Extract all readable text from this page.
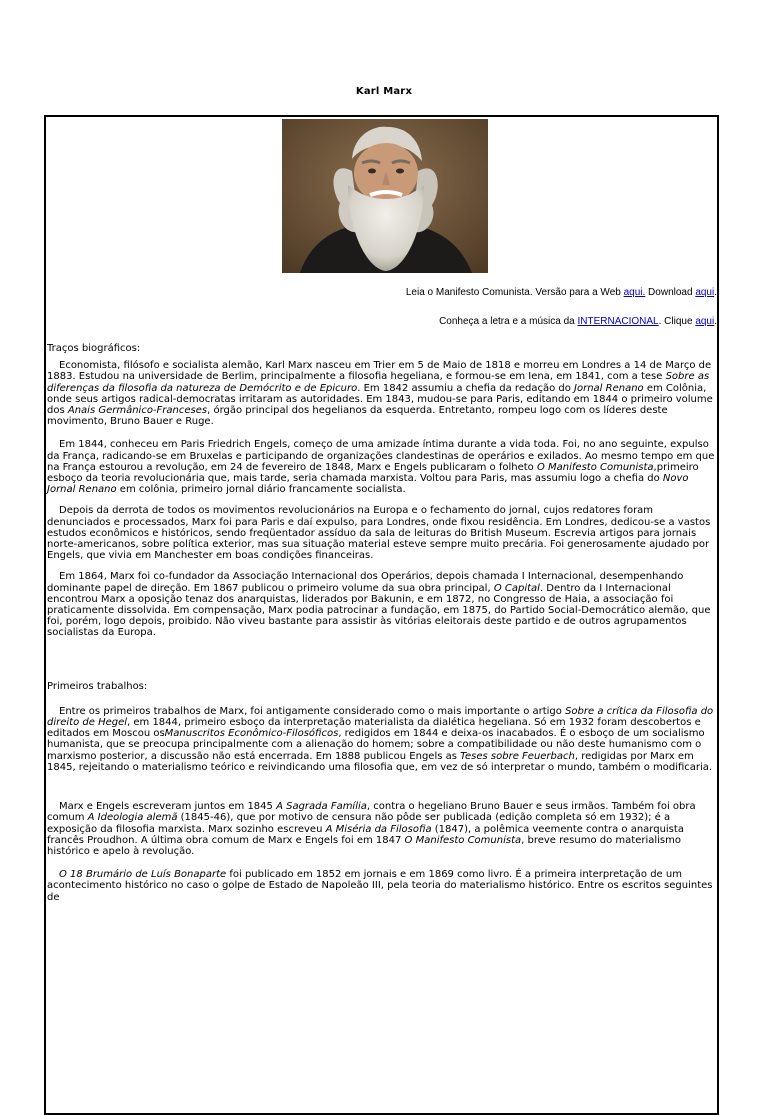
Karl Marx
Leia o Manifesto Comunista. Versão para a Web aqui. Download aqui.
Conheça a letra e a música da INTERNACIONAL. Clique aqui.

Traços biográficos:

Economista, filósofo e socialista alemão, Karl Marx nasceu em Trier em 5 de Maio de 1818 e morreu em Londres a 14 de Março de 1883. Estudou na universidade de Berlim, principalmente a filosofia hegeliana, e formou-se em Iena, em 1841, com a tese Sobre as diferenças da filosofia da natureza de Demócrito e de Epicuro. Em 1842 assumiu a chefia da redação do Jornal Renano em Colônia, onde seus artigos radical-democratas irritaram as autoridades. Em 1843, mudou-se para Paris, editando em 1844 o primeiro volume dos Anais Germânico-Franceses, órgão principal dos hegelianos da esquerda. Entretanto, rompeu logo com os líderes deste movimento, Bruno Bauer e Ruge.

Em 1844, conheceu em Paris Friedrich Engels, começo de uma amizade íntima durante a vida toda. Foi, no ano seguinte, expulso da França, radicando-se em Bruxelas e participando de organizações clandestinas de operários e exilados. Ao mesmo tempo em que na França estourou a revolução, em 24 de fevereiro de 1848, Marx e Engels publicaram o folheto O Manifesto Comunista,primeiro esboço da teoria revolucionária que, mais tarde, seria chamada marxista. Voltou para Paris, mas assumiu logo a chefia do Novo Jornal Renano em colônia, primeiro jornal diário francamente socialista.

Depois da derrota de todos os movimentos revolucionários na Europa e o fechamento do jornal, cujos redatores foram denunciados e processados, Marx foi para Paris e daí expulso, para Londres, onde fixou residência. Em Londres, dedicou-se a vastos estudos econômicos e históricos, sendo freqüentador assíduo da sala de leituras do British Museum. Escrevia artigos para jornais norte-americanos, sobre política exterior, mas sua situação material esteve sempre muito precária. Foi generosamente ajudado por Engels, que vivia em Manchester em boas condições financeiras.

Em 1864, Marx foi co-fundador da Associação Internacional dos Operários, depois chamada I Internacional, desempenhando dominante papel de direção. Em 1867 publicou o primeiro volume da sua obra principal, O Capital. Dentro da I Internacional encontrou Marx a oposição tenaz dos anarquistas, liderados por Bakunin, e em 1872, no Congresso de Haia, a associação foi praticamente dissolvida. Em compensação, Marx podia patrocinar a fundação, em 1875, do Partido Social-Democrático alemão, que foi, porém, logo depois, proibido. Não viveu bastante para assistir às vitórias eleitorais deste partido e de outros agrupamentos socialistas da Europa.

Primeiros trabalhos:

Entre os primeiros trabalhos de Marx, foi antigamente considerado como o mais importante o artigo Sobre a crítica da Filosofia do direito de Hegel, em 1844, primeiro esboço da interpretação materialista da dialética hegeliana. Só em 1932 foram descobertos e editados em Moscou osManuscritos Econômico-Filosóficos, redigidos em 1844 e deixa-os inacabados. É o esboço de um socialismo humanista, que se preocupa principalmente com a alienação do homem; sobre a compatibilidade ou não deste humanismo com o marxismo posterior, a discussão não está encerrada. Em 1888 publicou Engels as Teses sobre Feuerbach, redigidas por Marx em 1845, rejeitando o materialismo teórico e reivindicando uma filosofia que, em vez de só interpretar o mundo, também o modificaria.

Marx e Engels escreveram juntos em 1845 A Sagrada Família, contra o hegeliano Bruno Bauer e seus irmãos. Também foi obra comum A Ideologia alemã (1845-46), que por motivo de censura não pôde ser publicada (edição completa só em 1932); é a exposição da filosofia marxista. Marx sozinho escreveu A Miséria da Filosofia (1847), a polêmica veemente contra o anarquista francês Proudhon. A última obra comum de Marx e Engels foi em 1847 O Manifesto Comunista, breve resumo do materialismo histórico e apelo à revolução.

O 18 Brumário de Luís Bonaparte foi publicado em 1852 em jornais e em 1869 como livro. É a primeira interpretação de um acontecimento histórico no caso o golpe de Estado de Napoleão III, pela teoria do materialismo histórico. Entre os escritos seguintes de
